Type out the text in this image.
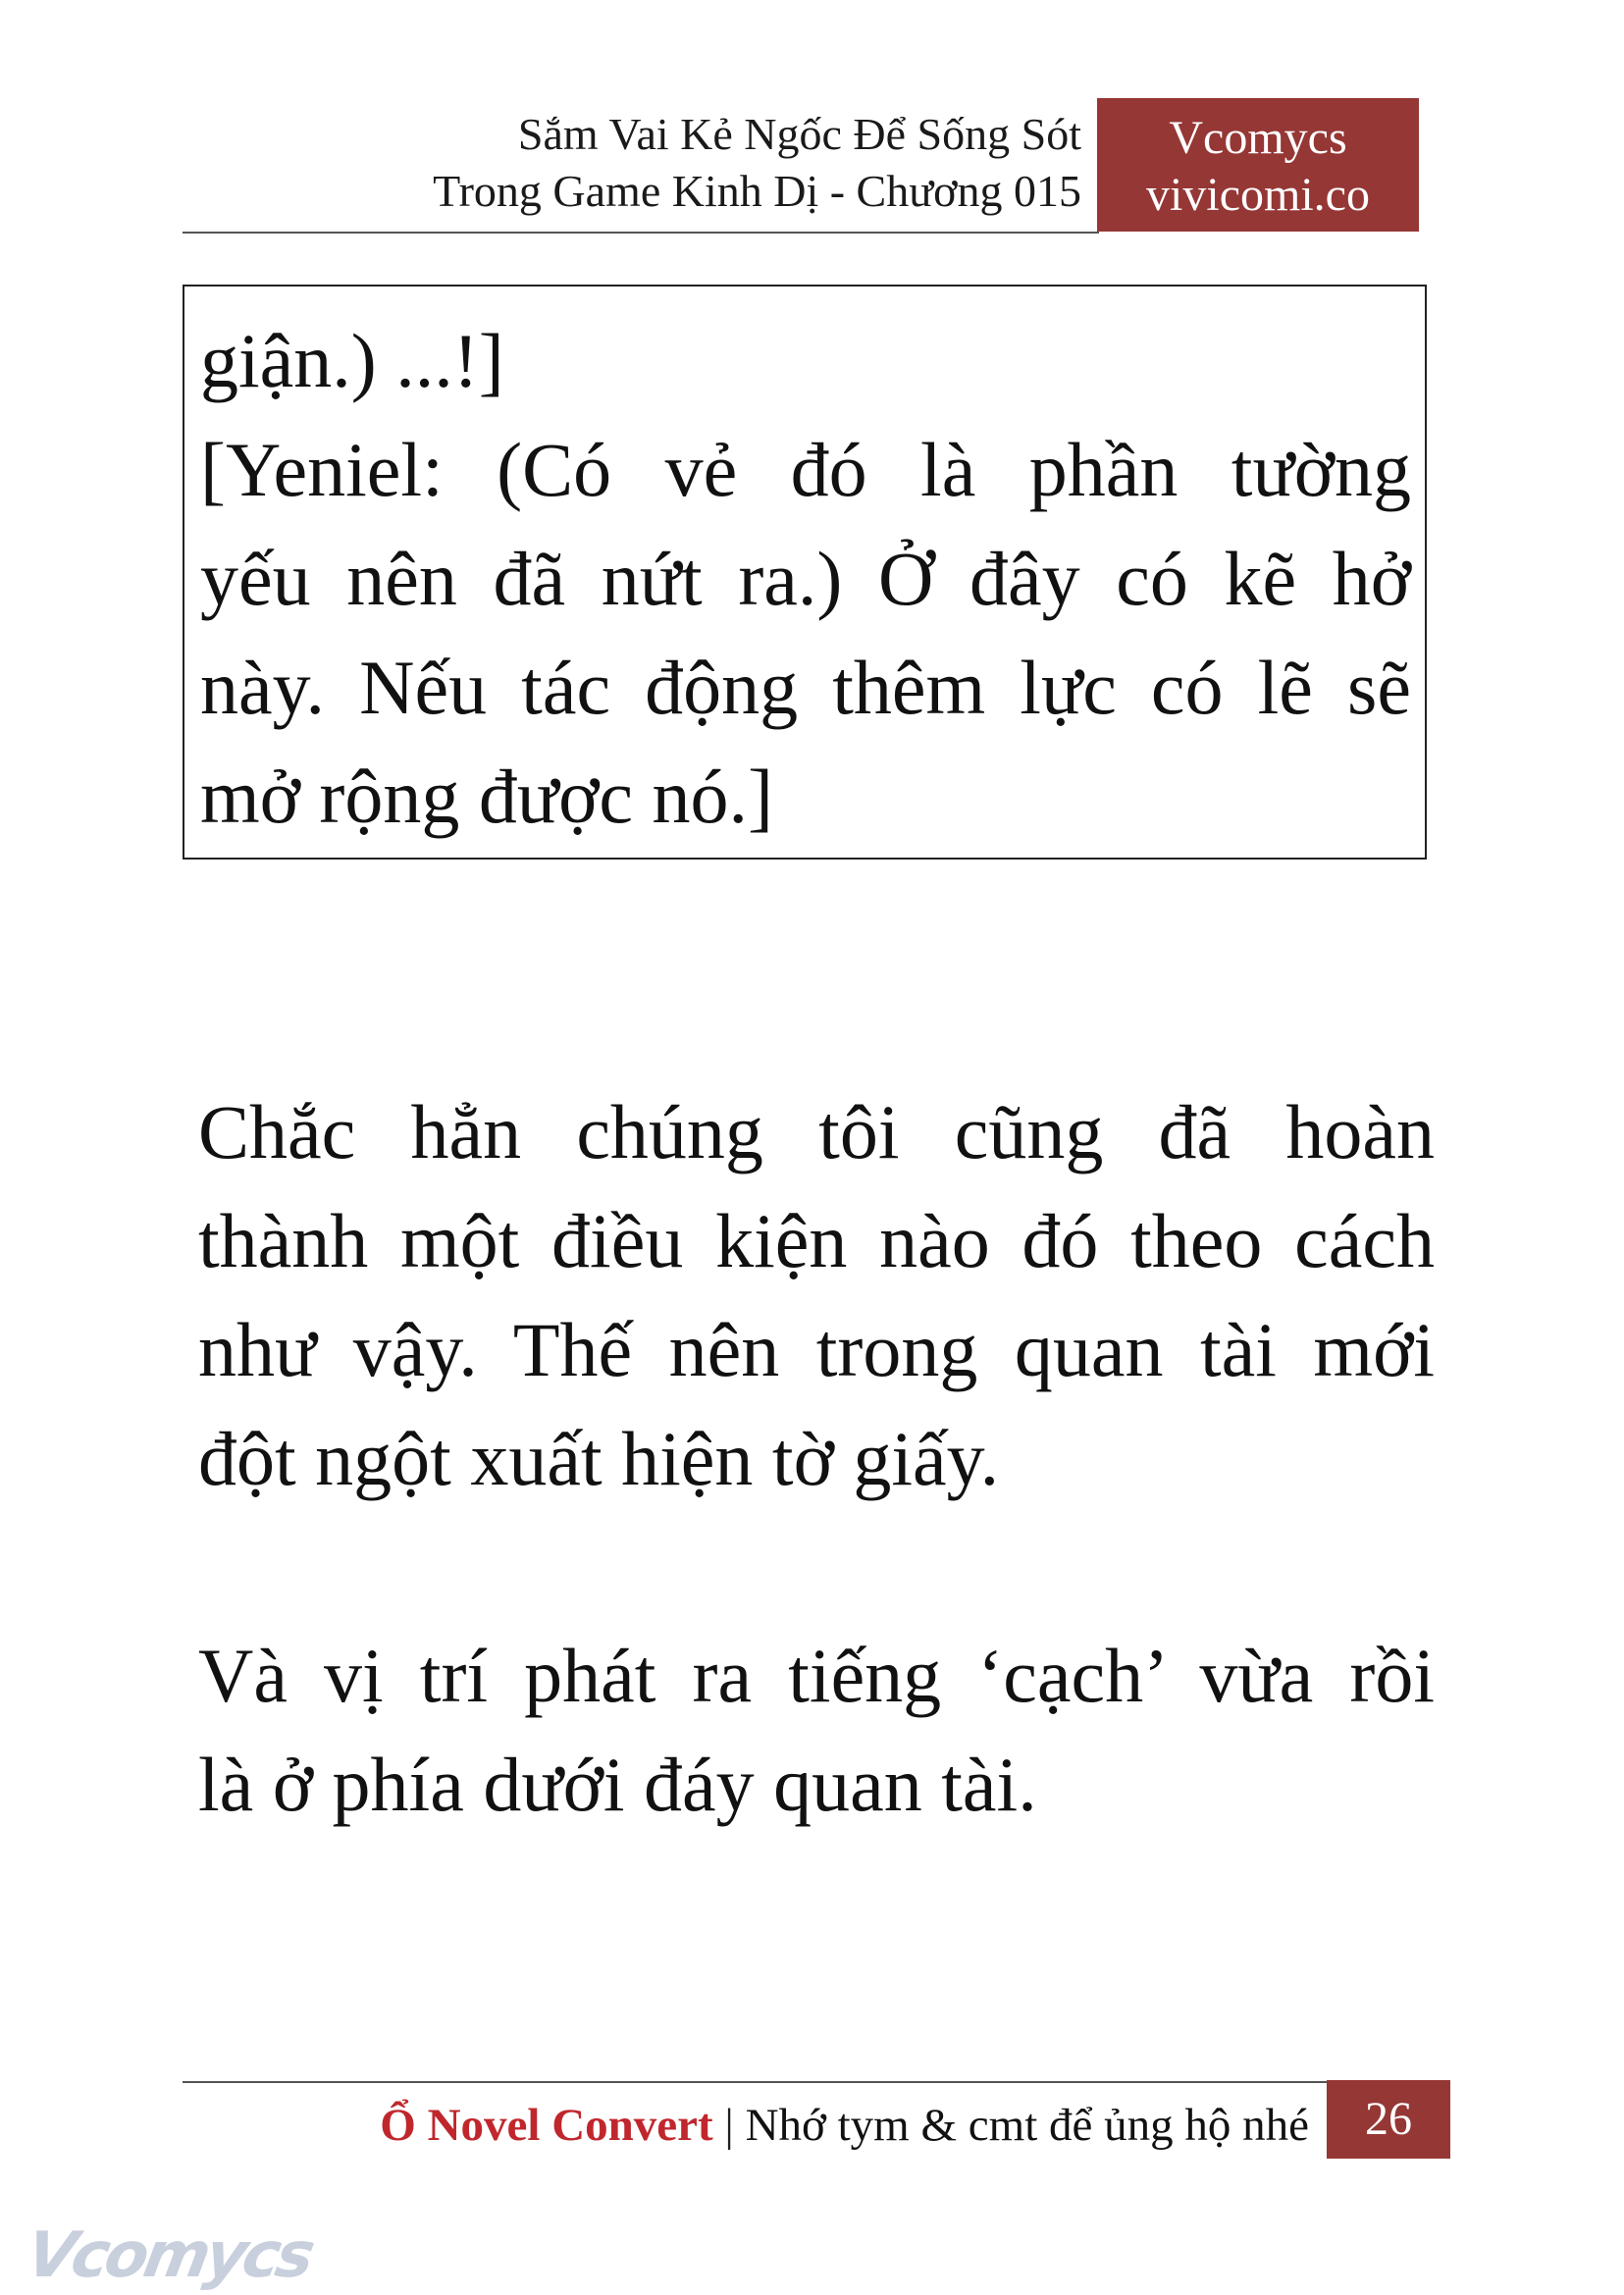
Sắm Vai Kẻ Ngốc Để Sống Sót
Trong Game Kinh Dị - Chương 015
Vcomycs
vivicomi.co
giận.) ...!]
[Yeniel: (Có vẻ đó là phần tường
yếu nên đã nứt ra.) Ở đây có kẽ hở
này. Nếu tác động thêm lực có lẽ sẽ
mở rộng được nó.]
Chắc hẳn chúng tôi cũng đã hoàn
thành một điều kiện nào đó theo cách
như vậy. Thế nên trong quan tài mới
đột ngột xuất hiện tờ giấy.
Và vị trí phát ra tiếng ‘cạch’ vừa rồi
là ở phía dưới đáy quan tài.
Ổ Novel Convert | Nhớ tym & cmt để ủng hộ nhé	26
Vcomycs
